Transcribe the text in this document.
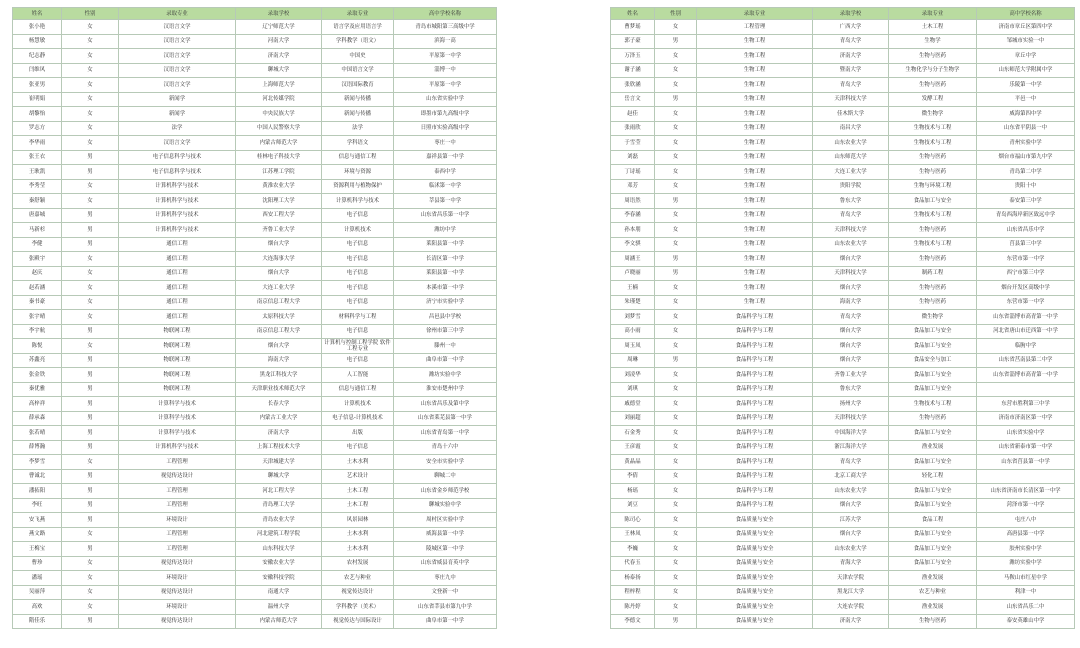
姓名	性别	录取专业	录取学校	录取专业	高中学校名称
张小艳	女	汉语言文学	辽宁师范大学	语言学及应用语言学	青岛市城阳第三高级中学
杨慧敏	女	汉语言文学	河南大学	学科教学（语文）	滨海一高
纪志静	女	汉语言文学	济南大学	中国史	平原第一中学
闫维风	女	汉语言文学	聊城大学	中国语言文学	淄博一中
张亚男	女	汉语言文学	上海师范大学	汉语国际教育	平原第一中学
崔明娟	女	新闻学	河北传媒学院	新闻与传播	山东省实验中学
胡黎怡	女	新闻学	中央民族大学	新闻与传播	即墨市第九高级中学
罗志方	女	法学	中国人民警察大学	法学	日照市实验高级中学
李华雨	女	汉语言文学	内蒙古师范大学	学科语文	枣庄一中
张王衣	男	电子信息科学与技术	桂林电子科技大学	信息与通信工程	嘉祥县第一中学
王耿凯	男	电子信息科学与技术	江苏理工学院	环境与资源	泰西中学
李秀莹	女	计算机科学与技术	黄淮农业大学	资源利用与植物保护	临沭第一中学
秦舒颖	女	计算机科学与技术	沈阳理工大学	计算机科学与技术	莘县第一中学
唐嘉城	男	计算机科学与技术	西安工程大学	电子信息	山东省昌乐第一中学
马新杉	男	计算机科学与技术	齐鲁工业大学	计算机技术	潍坊中学
李健	男	通信工程	烟台大学	电子信息	莱阳县第一中学
张殿宇	女	通信工程	大连海事大学	电子信息	长清区第一中学
赵庆	女	通信工程	烟台大学	电子信息	莱阳县第一中学
赵若涵	女	通信工程	大连工业大学	电子信息	本溪市第一中学
秦书豪	女	通信工程	南京信息工程大学	电子信息	济宁市实验中学
张宇晴	女	通信工程	太原科技大学	材料科学与工程	昌邑县中学校
李宇航	男	物联网工程	南京信息工程大学	电子信息	徐州市第三中学
陈悦	女	物联网工程	烟台大学	计算机与控制工程学院 软件工程专业	滕州一中
苏鑫亮	男	物联网工程	海南大学	电子信息	曲阜市第一中学
张金铁	男	物联网工程	黑龙江科技大学	人工智能	潍坊实验中学
秦优雅	男	物联网工程	天津职业技术师范大学	信息与通信工程	淮安市楚州中学
高梓祥	男	计算科学与技术	长春大学	计算机技术	山东省昌乐及第中学
薛承森	男	计算科学与技术	内蒙古工业大学	电子信息-计算机技术	山东省莱芜县第一中学
张若晴	男	计算科学与技术	济南大学	出版	山东省青岛第一中学
薛博瀚	男	计算机科学与技术	上海工程技术大学	电子信息	青岛十六中
李梦雪	女	工程管理	天津城建大学	土木水利	安全市实验中学
曹诚北	男	视觉传达设计	聊城大学	艺术设计	聊城二中
潘拓阳	男	工程管理	河北工程大学	土木工程	山东省金乡师范学校
李旺	男	工程管理	青岛理工大学	土木工程	聊城实验中学
安飞燕	男	环境设计	青岛农业大学	风景园林	周村区实验中学
燕文路	女	工程管理	河北建筑工程学院	土木水利	威海县第一中学
王梅宝	男	工程管理	山东科技大学	土木水利	陵城区第一中学
曹珍	女	视觉传达设计	安徽农业大学	农村发展	山东省威县育英中学
潘瑶	女	环境设计	安徽科技学院	农艺与种业	枣庄九中
吴丽萍	女	视觉传达设计	南通大学	视觉传达设计	文登新一中
高欢	女	环境设计	温州大学	学科教学（美术）	山东省莘县市第九中学
隋佳乐	男	视觉传达设计	内蒙古师范大学	视觉传达与国际设计	曲阜市第一中学
姓名	性别	录取专业	录取学校	录取专业	高中学校名称
曹梦瑶	女	工程管理	广西大学	土木工程	济南市章丘区第四中学
郭子豪	男	生物工程	青岛大学	生物学	邹城市实验一中
万泽玉	女	生物工程	济南大学	生物与医药	章丘中学
谢子涵	女	生物工程	暨南大学	生物化学与分子生物学	山东师范大学附属中学
张欣涵	女	生物工程	青岛大学	生物与医药	乐陵第一中学
岳言文	男	生物工程	天津科技大学	发酵工程	平邑一中
赵佳	女	生物工程	佳木斯大学	微生物学	威海第四中学
张雨欣	女	生物工程	南昌大学	生物技术与工程	山东省平阴县一中
于雪莹	女	生物工程	山东农业大学	生物技术与工程	青州实验中学
刘磊	女	生物工程	山东师范大学	生物与医药	烟台市福山市第九中学
丁诗瑶	女	生物工程	大连工业大学	生物与医药	青岛第二中学
邓芳	女	生物工程	贵阳学院	生物与环境工程	贵阳十中
周语然	男	生物工程	鲁东大学	食品加工与安全	泰安第三中学
李春涵	女	生物工程	青岛大学	生物技术与工程	青岛西海岸新区致远中学
孙本朋	女	生物工程	天津科技大学	生物与医药	山东省昌乐中学
李文骐	女	生物工程	山东农业大学	生物技术与工程	莒县第三中学
周涵王	男	生物工程	烟台大学	生物与医药	东营市第一中学
卢晓丽	男	生物工程	天津科技大学	制药工程	西宁市第三中学
王楠	女	生物工程	烟台大学	生物与医药	烟台开发区高级中学
朱瑾楚	女	生物工程	海南大学	生物与医药	东营市第一中学
刘梦雪	女	食品科学与工程	青岛大学	微生物学	山东省淄博市高青第一中学
高小雨	女	食品科学与工程	烟台大学	食品加工与安全	河北省唐山市迁西第一中学
周玉凤	女	食品科学与工程	烟台大学	食品加工与安全	临朐中学
周琳	男	食品科学与工程	烟台大学	食品安全与加工	山东省莒南县第二中学
刘凌华	女	食品科学与工程	齐鲁工业大学	食品加工与安全	山东省淄博市高青第一中学
刘琪	女	食品科学与工程	鲁东大学	食品加工与安全	
戚德堂	女	食品科学与工程	扬州大学	生物技术与工程	东营市胜利第三中学
刘丽超	女	食品科学与工程	天津科技大学	生物与医药	济南市济南区第一中学
石金秀	女	食品科学与工程	中国海洋大学	食品加工与安全	山东省实验中学
王彦霞	女	食品科学与工程	浙江海洋大学	渔业发展	山东省新泰市第一中学
黄晶晶	女	食品科学与工程	青岛大学	食品加工与安全	山东省莒县第一中学
李倩	女	食品科学与工程	北京工商大学	轻化工程	
杨瑶	女	食品科学与工程	山东农业大学	食品加工与安全	山东省济南市长清区第一中学
刘豆	女	食品科学与工程	烟台大学	食品加工与安全	菏泽市第一中学
陈司心	女	食品质量与安全	江苏大学	食品工程	屯庄八中
王林凤	女	食品质量与安全	烟台大学	食品加工与安全	高唐县第一中学
李巍	女	食品质量与安全	山东农业大学	食品加工与安全	胶州实验中学
代春玉	女	食品质量与安全	青海大学	食品加工与安全	潍坊实验中学
杨泰扬	女	食品质量与安全	天津农学院	渔业发展	马鞍山市红星中学
程梓程	女	食品质量与安全	黑龙江大学	农艺与种业	利津一中
陈丹婷	女	食品质量与安全	大连农学院	渔业发展	山东省昌乐二中
李德文	男	食品质量与安全	济南大学	生物与医药	泰安英雄山中学
